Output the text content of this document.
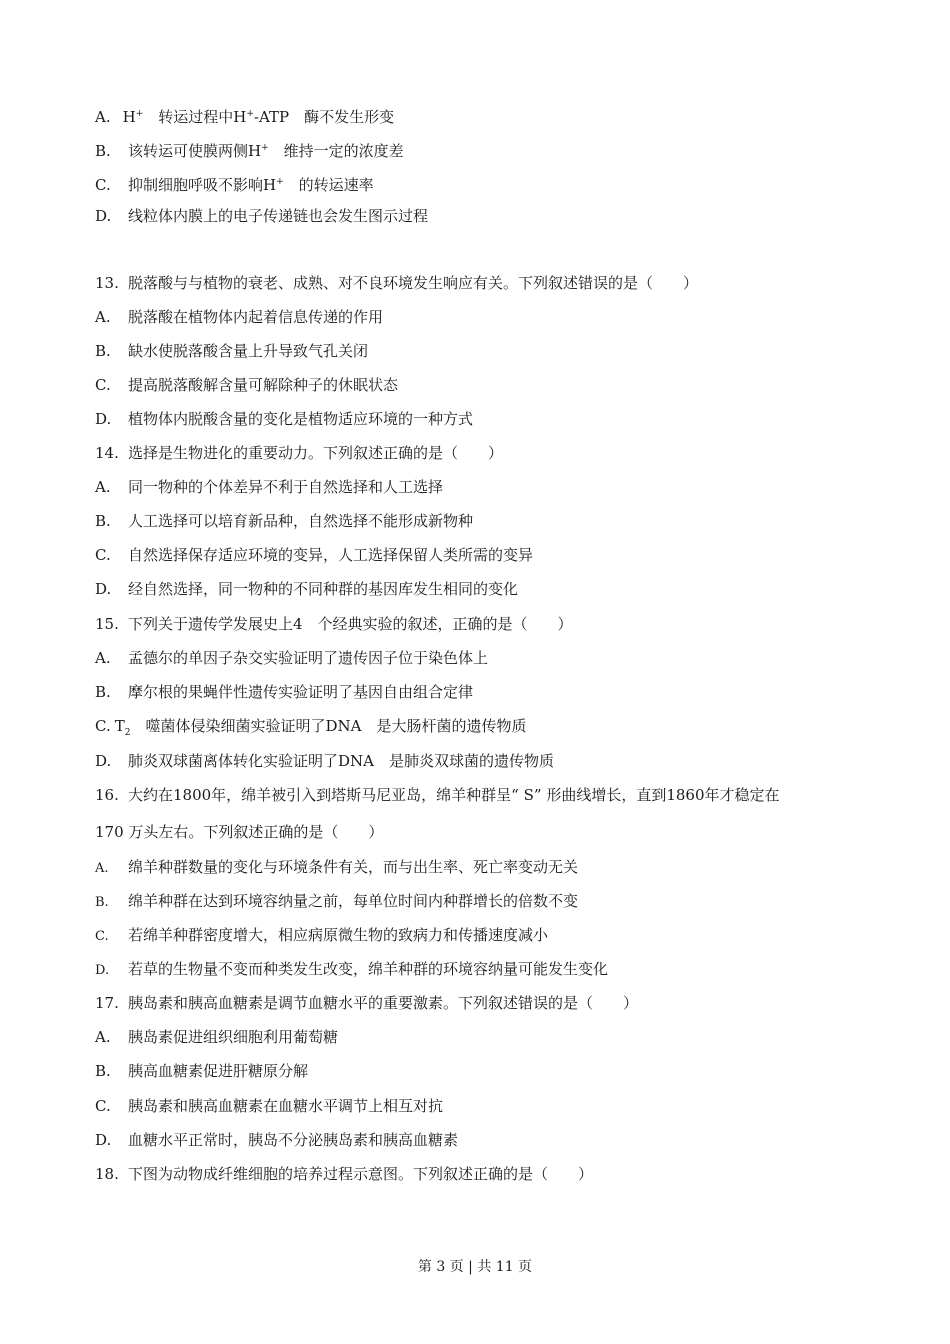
A. H+　 转运过程中H+-ATP　酶不发生形变
B. 该转运可使膜两侧H+　维持一定的浓度差
C. 抑制细胞呼吸不影响H+　的转运速率
D. 线粒体内膜上的电子传递链也会发生图示过程
13. 脱落酸与与植物的衰老、成熟、对不良环境发生响应有关。下列叙述错误的是（　　）
A. 脱落酸在植物体内起着信息传递的作用
B. 缺水使脱落酸含量上升导致气孔关闭
C. 提高脱落酸解含量可解除种子的休眠状态
D. 植物体内脱酸含量的变化是植物适应环境的一种方式
14. 选择是生物进化的重要动力。下列叙述正确的是（　　）
A. 同一物种的个体差异不利于自然选择和人工选择
B. 人工选择可以培育新品种，自然选择不能形成新物种
C. 自然选择保存适应环境的变异，人工选择保留人类所需的变异
D. 经自然选择，同一物种的不同种群的基因库发生相同的变化
15. 下列关于遗传学发展史上4　个经典实验的叙述，正确的是（　　）
A. 孟德尔的单因子杂交实验证明了遗传因子位于染色体上
B. 摩尔根的果蝇伴性遗传实验证明了基因自由组合定律
C. $T_2$　噬菌体侵染细菌实验证明了DNA　是大肠杆菌的遗传物质
D. 肺炎双球菌离体转化实验证明了DNA　是肺炎双球菌的遗传物质
16. 大约在1800年，绵羊被引入到塔斯马尼亚岛，绵羊种群呈“ S” 形曲线增长，直到1860年才稳定在
170 万头左右。下列叙述正确的是（　　）
A. 绵羊种群数量的变化与环境条件有关，而与出生率、死亡率变动无关
B. 绵羊种群在达到环境容纳量之前，每单位时间内种群增长的倍数不变
C. 若绵羊种群密度增大，相应病原微生物的致病力和传播速度减小
D. 若草的生物量不变而种类发生改变，绵羊种群的环境容纳量可能发生变化
17. 胰岛素和胰高血糖素是调节血糖水平的重要激素。下列叙述错误的是（　　）
A. 胰岛素促进组织细胞利用葡萄糖
B. 胰高血糖素促进肝糖原分解
C. 胰岛素和胰高血糖素在血糖水平调节上相互对抗
D. 血糖水平正常时，胰岛不分泌胰岛素和胰高血糖素
18. 下图为动物成纤维细胞的培养过程示意图。下列叙述正确的是（　　）
第 3 页 | 共 11 页
